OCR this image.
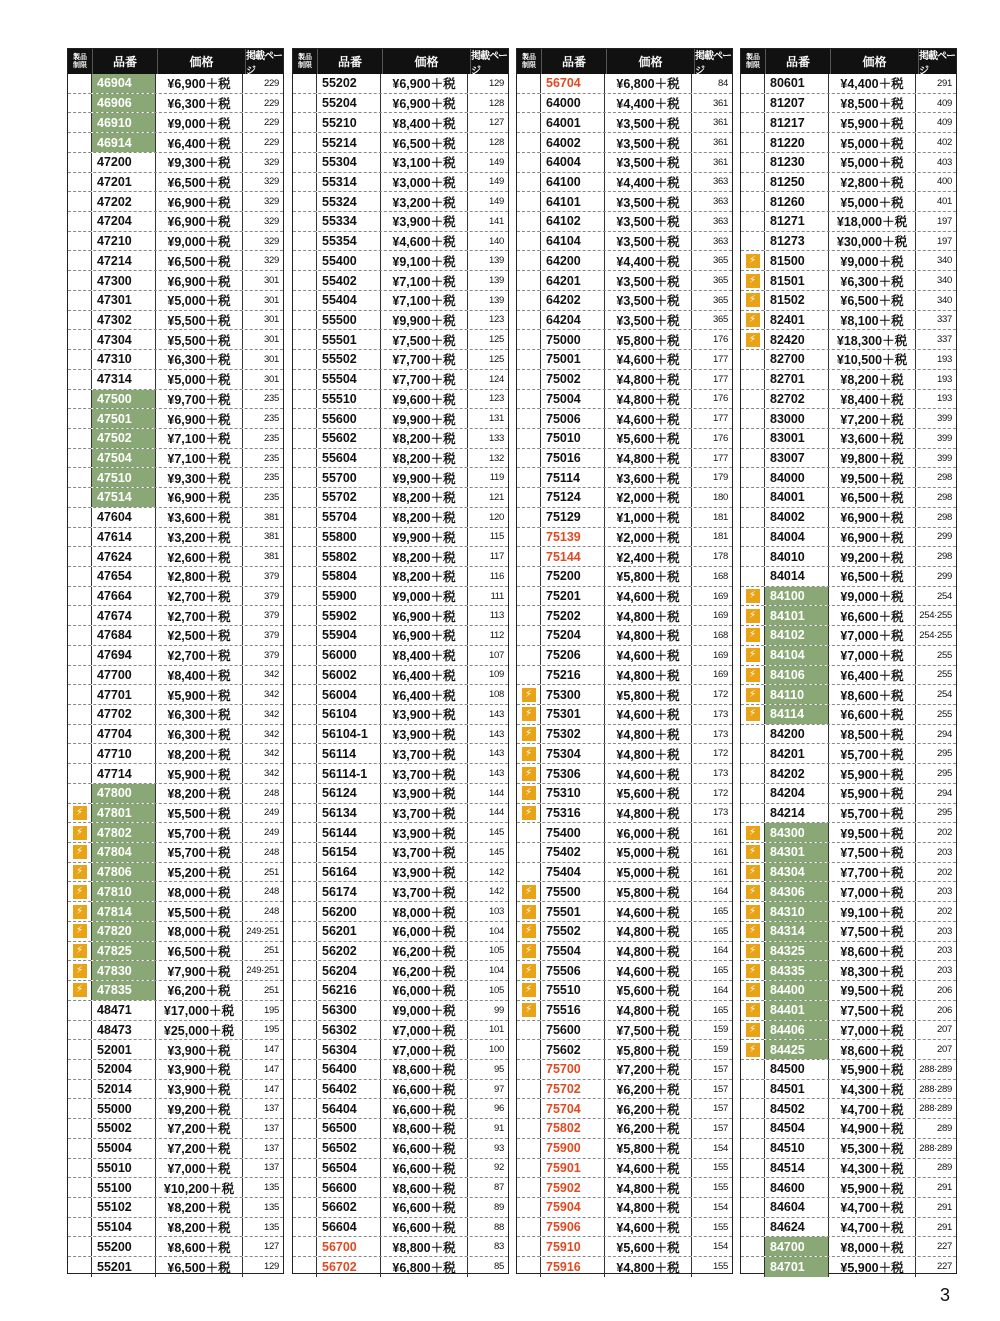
製品
制限	品番	価格	掲載ページ
46904	¥6,900＋税	229
46906	¥6,300＋税	229
46910	¥9,000＋税	229
46914	¥6,400＋税	229
47200	¥9,300＋税	329
47201	¥6,500＋税	329
47202	¥6,900＋税	329
47204	¥6,900＋税	329
47210	¥9,000＋税	329
47214	¥6,500＋税	329
47300	¥6,900＋税	301
47301	¥5,000＋税	301
47302	¥5,500＋税	301
47304	¥5,500＋税	301
47310	¥6,300＋税	301
47314	¥5,000＋税	301
47500	¥9,700＋税	235
47501	¥6,900＋税	235
47502	¥7,100＋税	235
47504	¥7,100＋税	235
47510	¥9,300＋税	235
47514	¥6,900＋税	235
47604	¥3,600＋税	381
47614	¥3,200＋税	381
47624	¥2,600＋税	381
47654	¥2,800＋税	379
47664	¥2,700＋税	379
47674	¥2,700＋税	379
47684	¥2,500＋税	379
47694	¥2,700＋税	379
47700	¥8,400＋税	342
47701	¥5,900＋税	342
47702	¥6,300＋税	342
47704	¥6,300＋税	342
47710	¥8,200＋税	342
47714	¥5,900＋税	342
47800	¥8,200＋税	248
⚡	47801	¥5,500＋税	249
⚡	47802	¥5,700＋税	249
⚡	47804	¥5,700＋税	248
⚡	47806	¥5,200＋税	251
⚡	47810	¥8,000＋税	248
⚡	47814	¥5,500＋税	248
⚡	47820	¥8,000＋税	249·251
⚡	47825	¥6,500＋税	251
⚡	47830	¥7,900＋税	249·251
⚡	47835	¥6,200＋税	251
48471	¥17,000＋税	195
48473	¥25,000＋税	195
52001	¥3,900＋税	147
52004	¥3,900＋税	147
52014	¥3,900＋税	147
55000	¥9,200＋税	137
55002	¥7,200＋税	137
55004	¥7,200＋税	137
55010	¥7,000＋税	137
55100	¥10,200＋税	135
55102	¥8,200＋税	135
55104	¥8,200＋税	135
55200	¥8,600＋税	127
55201	¥6,500＋税	129
製品
制限	品番	価格	掲載ページ
55202	¥6,900＋税	129
55204	¥6,900＋税	128
55210	¥8,400＋税	127
55214	¥6,500＋税	128
55304	¥3,100＋税	149
55314	¥3,000＋税	149
55324	¥3,200＋税	149
55334	¥3,900＋税	141
55354	¥4,600＋税	140
55400	¥9,100＋税	139
55402	¥7,100＋税	139
55404	¥7,100＋税	139
55500	¥9,900＋税	123
55501	¥7,500＋税	125
55502	¥7,700＋税	125
55504	¥7,700＋税	124
55510	¥9,600＋税	123
55600	¥9,900＋税	131
55602	¥8,200＋税	133
55604	¥8,200＋税	132
55700	¥9,900＋税	119
55702	¥8,200＋税	121
55704	¥8,200＋税	120
55800	¥9,900＋税	115
55802	¥8,200＋税	117
55804	¥8,200＋税	116
55900	¥9,000＋税	111
55902	¥6,900＋税	113
55904	¥6,900＋税	112
56000	¥8,400＋税	107
56002	¥6,400＋税	109
56004	¥6,400＋税	108
56104	¥3,900＋税	143
56104-1	¥3,900＋税	143
56114	¥3,700＋税	143
56114-1	¥3,700＋税	143
56124	¥3,900＋税	144
56134	¥3,700＋税	144
56144	¥3,900＋税	145
56154	¥3,700＋税	145
56164	¥3,900＋税	142
56174	¥3,700＋税	142
56200	¥8,000＋税	103
56201	¥6,000＋税	104
56202	¥6,200＋税	105
56204	¥6,200＋税	104
56216	¥6,000＋税	105
56300	¥9,000＋税	99
56302	¥7,000＋税	101
56304	¥7,000＋税	100
56400	¥8,600＋税	95
56402	¥6,600＋税	97
56404	¥6,600＋税	96
56500	¥8,600＋税	91
56502	¥6,600＋税	93
56504	¥6,600＋税	92
56600	¥8,600＋税	87
56602	¥6,600＋税	89
56604	¥6,600＋税	88
56700	¥8,800＋税	83
56702	¥6,800＋税	85
製品
制限	品番	価格	掲載ページ
56704	¥6,800＋税	84
64000	¥4,400＋税	361
64001	¥3,500＋税	361
64002	¥3,500＋税	361
64004	¥3,500＋税	361
64100	¥4,400＋税	363
64101	¥3,500＋税	363
64102	¥3,500＋税	363
64104	¥3,500＋税	363
64200	¥4,400＋税	365
64201	¥3,500＋税	365
64202	¥3,500＋税	365
64204	¥3,500＋税	365
75000	¥5,800＋税	176
75001	¥4,600＋税	177
75002	¥4,800＋税	177
75004	¥4,800＋税	176
75006	¥4,600＋税	177
75010	¥5,600＋税	176
75016	¥4,800＋税	177
75114	¥3,600＋税	179
75124	¥2,000＋税	180
75129	¥1,000＋税	181
75139	¥2,000＋税	181
75144	¥2,400＋税	178
75200	¥5,800＋税	168
75201	¥4,600＋税	169
75202	¥4,800＋税	169
75204	¥4,800＋税	168
75206	¥4,600＋税	169
75216	¥4,800＋税	169
⚡	75300	¥5,800＋税	172
⚡	75301	¥4,600＋税	173
⚡	75302	¥4,800＋税	173
⚡	75304	¥4,800＋税	172
⚡	75306	¥4,600＋税	173
⚡	75310	¥5,600＋税	172
⚡	75316	¥4,800＋税	173
75400	¥6,000＋税	161
75402	¥5,000＋税	161
75404	¥5,000＋税	161
⚡	75500	¥5,800＋税	164
⚡	75501	¥4,600＋税	165
⚡	75502	¥4,800＋税	165
⚡	75504	¥4,800＋税	164
⚡	75506	¥4,600＋税	165
⚡	75510	¥5,600＋税	164
⚡	75516	¥4,800＋税	165
75600	¥7,500＋税	159
75602	¥5,800＋税	159
75700	¥7,200＋税	157
75702	¥6,200＋税	157
75704	¥6,200＋税	157
75802	¥6,200＋税	157
75900	¥5,800＋税	154
75901	¥4,600＋税	155
75902	¥4,800＋税	155
75904	¥4,800＋税	154
75906	¥4,600＋税	155
75910	¥5,600＋税	154
75916	¥4,800＋税	155
製品
制限	品番	価格	掲載ページ
80601	¥4,400＋税	291
81207	¥8,500＋税	409
81217	¥5,900＋税	409
81220	¥5,000＋税	402
81230	¥5,000＋税	403
81250	¥2,800＋税	400
81260	¥5,000＋税	401
81271	¥18,000＋税	197
81273	¥30,000＋税	197
⚡	81500	¥9,000＋税	340
⚡	81501	¥6,300＋税	340
⚡	81502	¥6,500＋税	340
⚡	82401	¥8,100＋税	337
⚡	82420	¥18,300＋税	337
82700	¥10,500＋税	193
82701	¥8,200＋税	193
82702	¥8,400＋税	193
83000	¥7,200＋税	399
83001	¥3,600＋税	399
83007	¥9,800＋税	399
84000	¥9,500＋税	298
84001	¥6,500＋税	298
84002	¥6,900＋税	298
84004	¥6,900＋税	299
84010	¥9,200＋税	298
84014	¥6,500＋税	299
⚡	84100	¥9,000＋税	254
⚡	84101	¥6,600＋税	254·255
⚡	84102	¥7,000＋税	254·255
⚡	84104	¥7,000＋税	255
⚡	84106	¥6,400＋税	255
⚡	84110	¥8,600＋税	254
⚡	84114	¥6,600＋税	255
84200	¥8,500＋税	294
84201	¥5,700＋税	295
84202	¥5,900＋税	295
84204	¥5,900＋税	294
84214	¥5,700＋税	295
⚡	84300	¥9,500＋税	202
⚡	84301	¥7,500＋税	203
⚡	84304	¥7,700＋税	202
⚡	84306	¥7,000＋税	203
⚡	84310	¥9,100＋税	202
⚡	84314	¥7,500＋税	203
⚡	84325	¥8,600＋税	203
⚡	84335	¥8,300＋税	203
⚡	84400	¥9,500＋税	206
⚡	84401	¥7,500＋税	206
⚡	84406	¥7,000＋税	207
⚡	84425	¥8,600＋税	207
84500	¥5,900＋税	288·289
84501	¥4,300＋税	288·289
84502	¥4,700＋税	288·289
84504	¥4,900＋税	289
84510	¥5,300＋税	288·289
84514	¥4,300＋税	289
84600	¥5,900＋税	291
84604	¥4,700＋税	291
84624	¥4,700＋税	291
84700	¥8,000＋税	227
84701	¥5,900＋税	227
3
